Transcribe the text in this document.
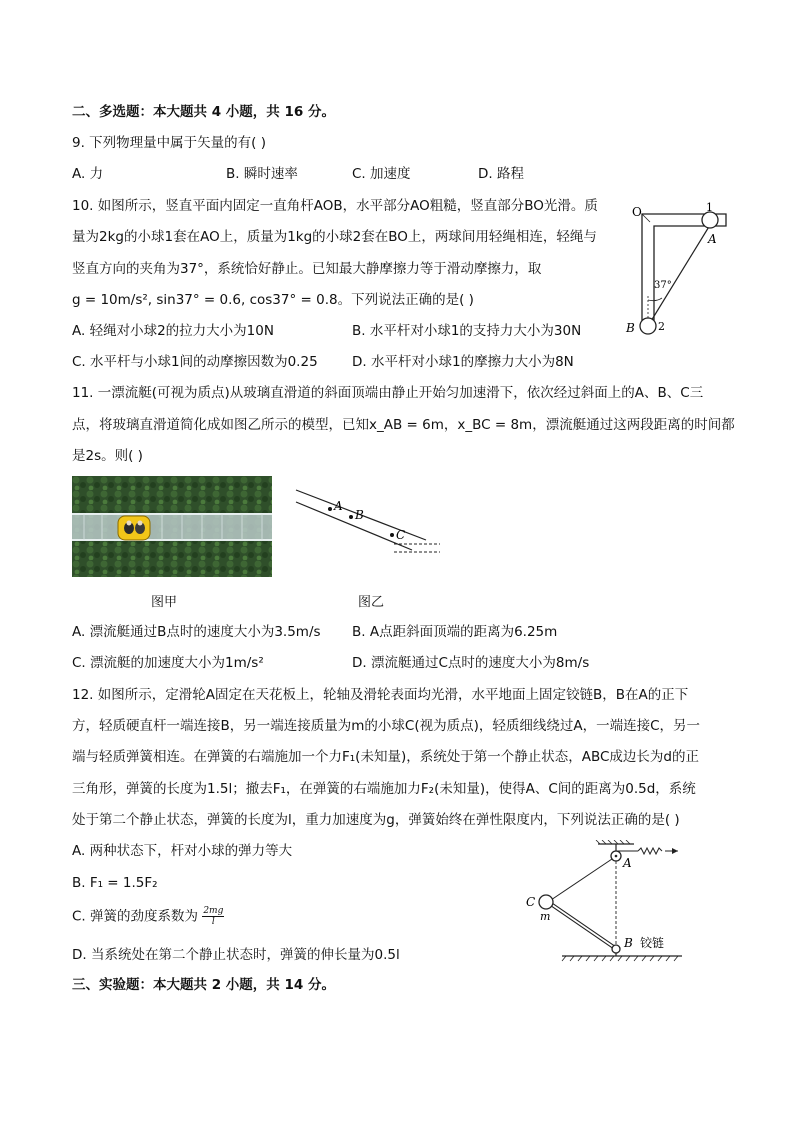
二、多选题：本大题共 4 小题，共 16 分。
9. 下列物理量中属于矢量的有( )
A. 力	B. 瞬时速率	C. 加速度	D. 路程
10. 如图所示，竖直平面内固定一直角杆AOB，水平部分AO粗糙，竖直部分BO光滑。质
量为2kg的小球1套在AO上，质量为1kg的小球2套在BO上，两球间用轻绳相连，轻绳与
竖直方向的夹角为37°，系统恰好静止。已知最大静摩擦力等于滑动摩擦力，取
g = 10m/s², sin37° = 0.6, cos37° = 0.8。下列说法正确的是( )
A. 轻绳对小球2的拉力大小为10N	B. 水平杆对小球1的支持力大小为30N
C. 水平杆与小球1间的动摩擦因数为0.25	D. 水平杆对小球1的摩擦力大小为8N
O	1
A
37°
B 2
11. 一漂流艇(可视为质点)从玻璃直滑道的斜面顶端由静止开始匀加速滑下，依次经过斜面上的A、B、C三
点，将玻璃直滑道简化成如图乙所示的模型，已知x_AB = 6m，x_BC = 8m，漂流艇通过这两段距离的时间都
是2s。则( )
A
B
C
图甲	图乙
A. 漂流艇通过B点时的速度大小为3.5m/s B. A点距斜面顶端的距离为6.25m
C. 漂流艇的加速度大小为1m/s²	D. 漂流艇通过C点时的速度大小为8m/s
12. 如图所示，定滑轮A固定在天花板上，轮轴及滑轮表面均光滑，水平地面上固定铰链B，B在A的正下
方，轻质硬直杆一端连接B，另一端连接质量为m的小球C(视为质点)，轻质细线绕过A，一端连接C，另一
端与轻质弹簧相连。在弹簧的右端施加一个力F₁(未知量)，系统处于第一个静止状态，ABC成边长为d的正
三角形，弹簧的长度为1.5l；撤去F₁，在弹簧的右端施加力F₂(未知量)，使得A、C间的距离为0.5d，系统
处于第二个静止状态，弹簧的长度为l，重力加速度为g，弹簧始终在弹性限度内，下列说法正确的是( )
A. 两种状态下，杆对小球的弹力等大
B. F₁ = 1.5F₂
C. 弹簧的劲度系数为 $\frac{2mg}{l}$
D. 当系统处在第二个静止状态时，弹簧的伸长量为0.5l
A
C
m
B 铰链
三、实验题：本大题共 2 小题，共 14 分。
